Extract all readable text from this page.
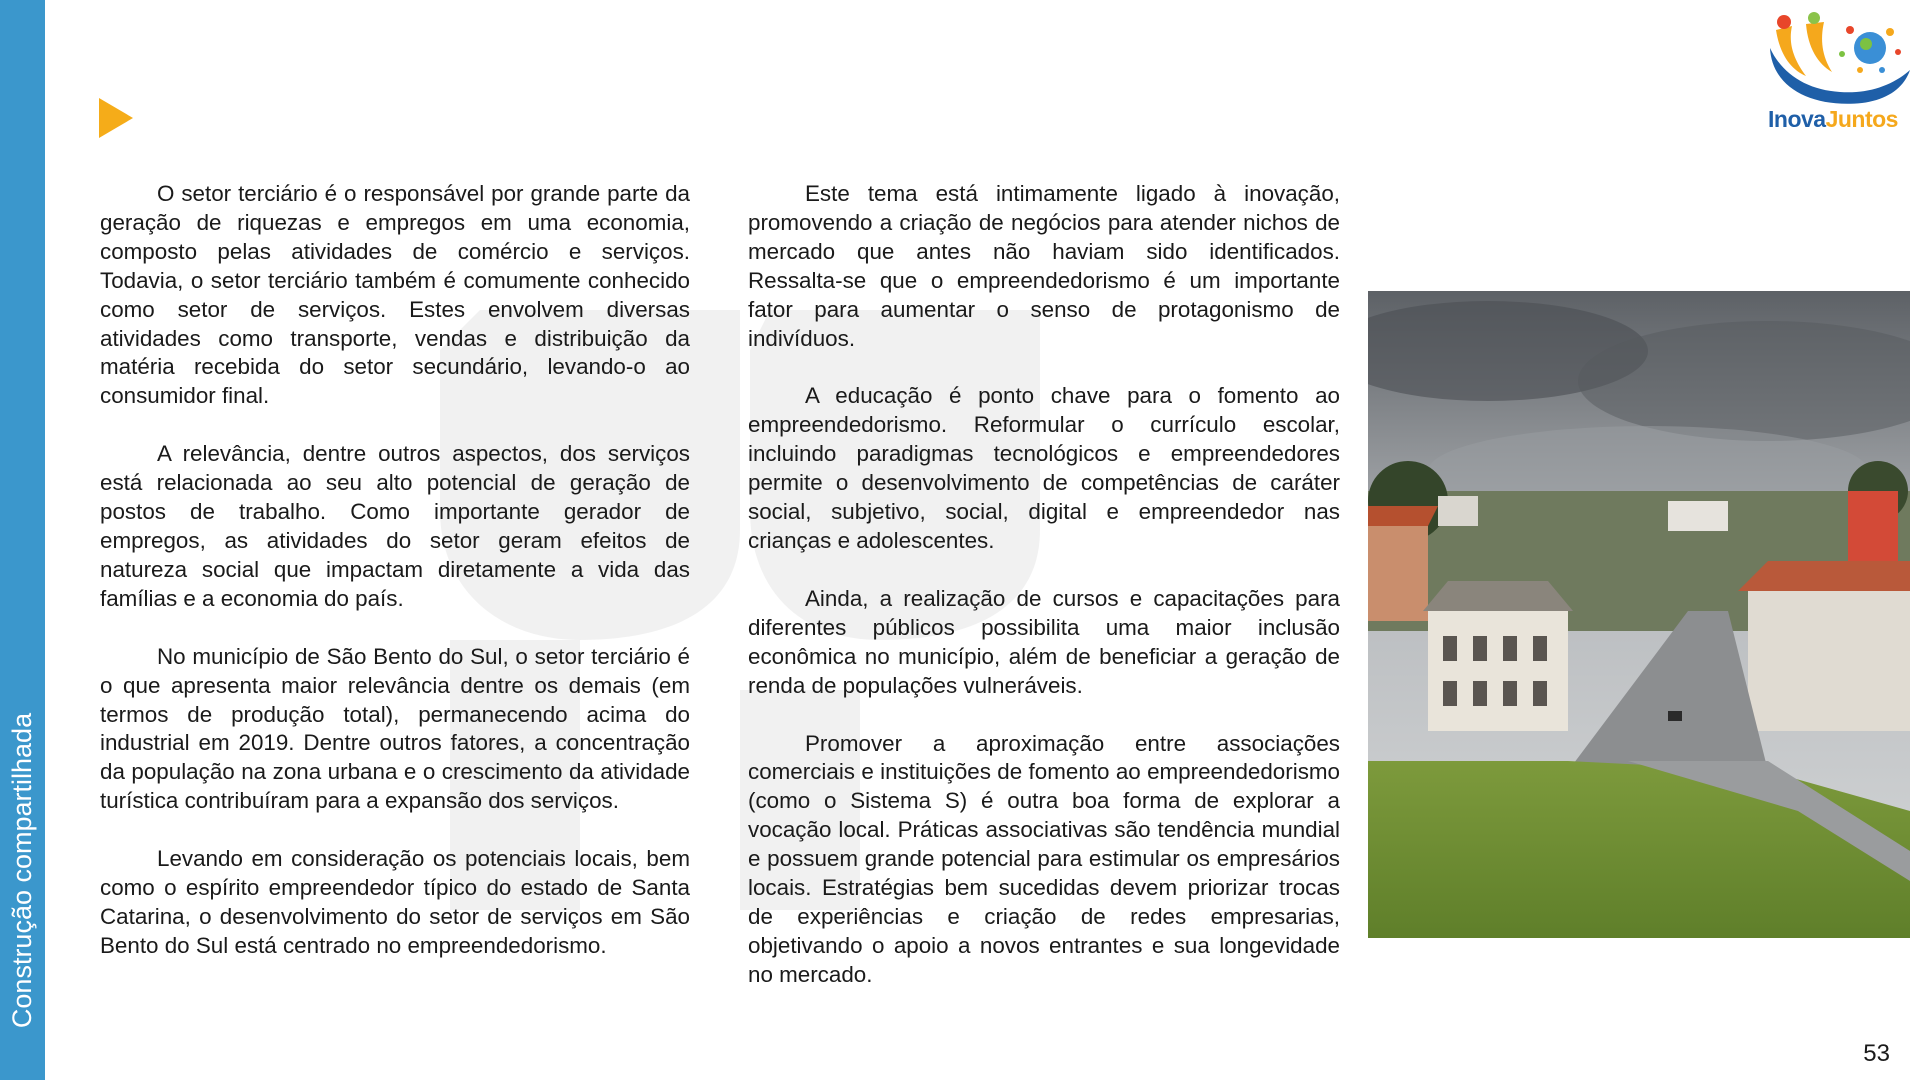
Construção compartilhada

O setor terciário é o responsável por grande parte da geração de riquezas e empregos em uma economia, composto pelas atividades de comércio e serviços. Todavia, o setor terciário também é comumente conhecido como setor de serviços. Estes envolvem diversas atividades como transporte, vendas e distribuição da matéria recebida do setor secundário, levando-o ao consumidor final.

A relevância, dentre outros aspectos, dos serviços está relacionada ao seu alto potencial de geração de postos de trabalho. Como importante gerador de empregos, as atividades do setor geram efeitos de natureza social que impactam diretamente a vida das famílias e a economia do país.

No município de São Bento do Sul, o setor terciário é o que apresenta maior relevância dentre os demais (em termos de produção total), permanecendo acima do industrial em 2019. Dentre outros fatores, a concentração da população na zona urbana e o crescimento da atividade turística contribuíram para a expansão dos serviços.

Levando em consideração os potenciais locais, bem como o espírito empreendedor típico do estado de Santa Catarina, o desenvolvimento do setor de serviços em São Bento do Sul está centrado no empreendedorismo.

Este tema está intimamente ligado à inovação, promovendo a criação de negócios para atender nichos de mercado que antes não haviam sido identificados. Ressalta-se que o empreendedorismo é um importante fator para aumentar o senso de protagonismo de indivíduos.

A educação é ponto chave para o fomento ao empreendedorismo. Reformular o currículo escolar, incluindo paradigmas tecnológicos e empreendedores permite o desenvolvimento de competências de caráter social, subjetivo, social, digital e empreendedor nas crianças e adolescentes.

Ainda, a realização de cursos e capacitações para diferentes públicos possibilita uma maior inclusão econômica no município, além de beneficiar a geração de renda de populações vulneráveis.

Promover a aproximação entre associações comerciais e instituições de fomento ao empreendedorismo (como o Sistema S) é outra boa forma de explorar a vocação local. Práticas associativas são tendência mundial e possuem grande potencial para estimular os empresários locais. Estratégias bem sucedidas devem priorizar trocas de experiências e criação de redes empresarias, objetivando o apoio a novos entrantes e sua longevidade no mercado.

InovaJuntos
53
